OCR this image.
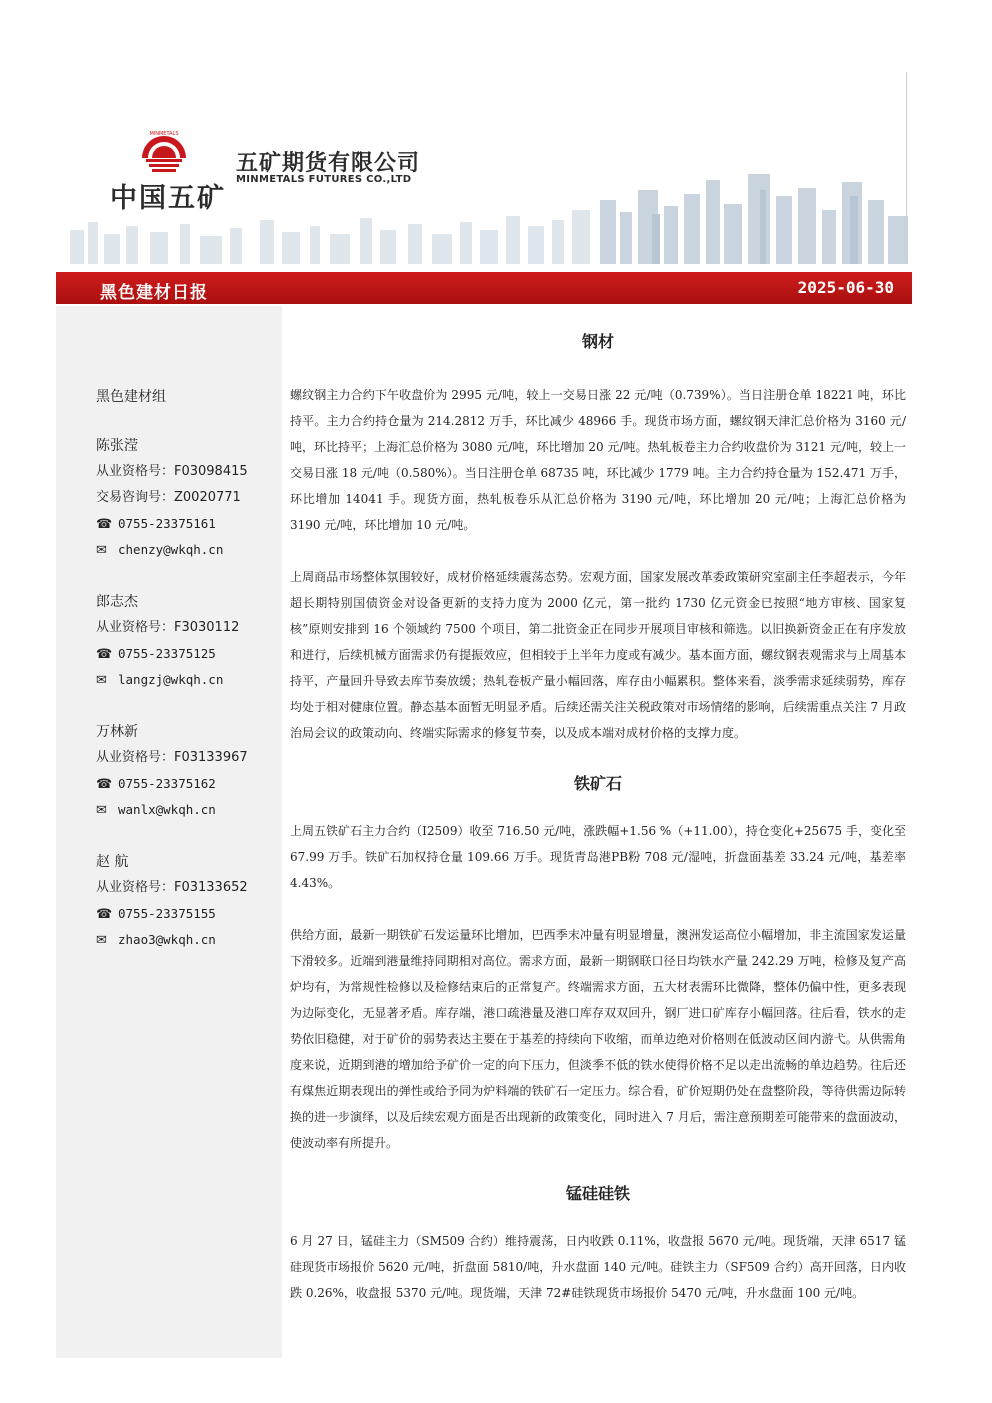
MINMETALS
中国五矿
五矿期货有限公司
MINMETALS FUTURES CO.,LTD
黑色建材日报	2025-06-30
黑色建材组
陈张滢
从业资格号：F03098415
交易咨询号：Z0020771
☎ 0755-23375161
✉ chenzy@wkqh.cn
郎志杰
从业资格号：F3030112
☎ 0755-23375125
✉ langzj@wkqh.cn
万林新
从业资格号：F03133967
☎ 0755-23375162
✉ wanlx@wkqh.cn
赵 航
从业资格号：F03133652
☎ 0755-23375155
✉ zhao3@wkqh.cn
钢材

螺纹钢主力合约下午收盘价为 2995 元/吨，较上一交易日涨 22 元/吨（0.739%）。当日注册仓单 18221 吨，环比持平。主力合约持仓量为 214.2812 万手，环比减少 48966 手。现货市场方面，螺纹钢天津汇总价格为 3160 元/吨，环比持平；上海汇总价格为 3080 元/吨，环比增加 20 元/吨。热轧板卷主力合约收盘价为 3121 元/吨，较上一交易日涨 18 元/吨（0.580%）。当日注册仓单 68735 吨，环比减少 1779 吨。主力合约持仓量为 152.471 万手，环比增加 14041 手。现货方面，热轧板卷乐从汇总价格为 3190 元/吨，环比增加 20 元/吨；上海汇总价格为 3190 元/吨，环比增加 10 元/吨。

上周商品市场整体氛围较好，成材价格延续震荡态势。宏观方面，国家发展改革委政策研究室副主任李超表示，今年超长期特别国债资金对设备更新的支持力度为 2000 亿元，第一批约 1730 亿元资金已按照“地方审核、国家复核”原则安排到 16 个领域约 7500 个项目，第二批资金正在同步开展项目审核和筛选。以旧换新资金正在有序发放和进行，后续机械方面需求仍有提振效应，但相较于上半年力度或有减少。基本面方面，螺纹钢表观需求与上周基本持平，产量回升导致去库节奏放缓；热轧卷板产量小幅回落，库存由小幅累积。整体来看，淡季需求延续弱势，库存均处于相对健康位置。静态基本面暂无明显矛盾。后续还需关注关税政策对市场情绪的影响，后续需重点关注 7 月政治局会议的政策动向、终端实际需求的修复节奏，以及成本端对成材价格的支撑力度。

铁矿石

上周五铁矿石主力合约（I2509）收至 716.50 元/吨，涨跌幅+1.56 %（+11.00），持仓变化+25675 手，变化至 67.99 万手。铁矿石加权持仓量 109.66 万手。现货青岛港PB粉 708 元/湿吨，折盘面基差 33.24 元/吨，基差率 4.43%。

供给方面，最新一期铁矿石发运量环比增加，巴西季末冲量有明显增量，澳洲发运高位小幅增加，非主流国家发运量下滑较多。近端到港量维持同期相对高位。需求方面，最新一期钢联口径日均铁水产量 242.29 万吨，检修及复产高炉均有，为常规性检修以及检修结束后的正常复产。终端需求方面，五大材表需环比微降，整体仍偏中性，更多表现为边际变化，无显著矛盾。库存端，港口疏港量及港口库存双双回升，钢厂进口矿库存小幅回落。往后看，铁水的走势依旧稳健，对于矿价的弱势表达主要在于基差的持续向下收缩，而单边绝对价格则在低波动区间内游弋。从供需角度来说，近期到港的增加给予矿价一定的向下压力，但淡季不低的铁水使得价格不足以走出流畅的单边趋势。往后还有煤焦近期表现出的弹性或给予同为炉料端的铁矿石一定压力。综合看，矿价短期仍处在盘整阶段，等待供需边际转换的进一步演绎，以及后续宏观方面是否出现新的政策变化，同时进入 7 月后，需注意预期差可能带来的盘面波动，使波动率有所提升。

锰硅硅铁

6 月 27 日，锰硅主力（SM509 合约）维持震荡，日内收跌 0.11%，收盘报 5670 元/吨。现货端，天津 6517 锰硅现货市场报价 5620 元/吨，折盘面 5810/吨，升水盘面 140 元/吨。硅铁主力（SF509 合约）高开回落，日内收跌 0.26%，收盘报 5370 元/吨。现货端，天津 72#硅铁现货市场报价 5470 元/吨，升水盘面 100 元/吨。
